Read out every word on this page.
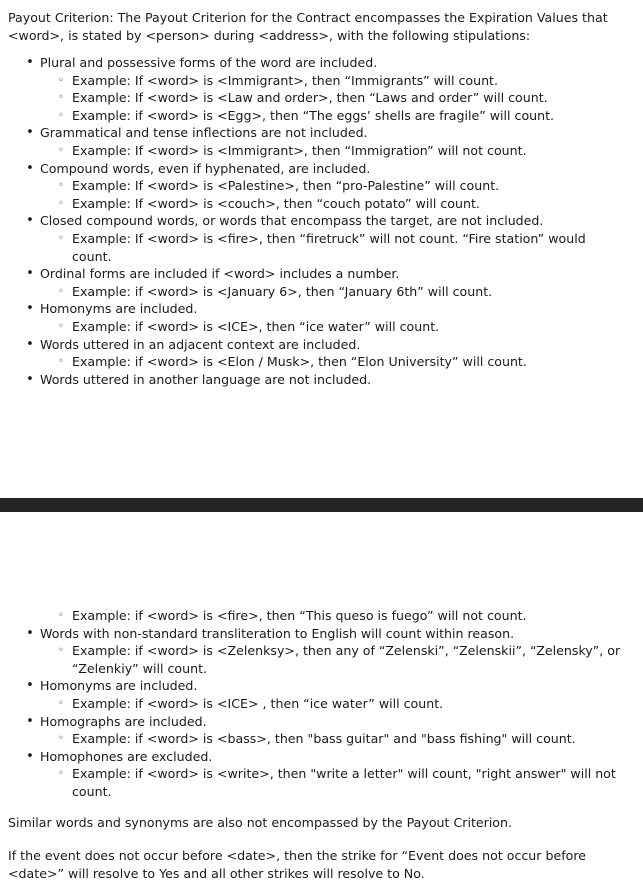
Payout Criterion: The Payout Criterion for the Contract encompasses the Expiration Values that <word>, is stated by <person> during <address>, with the following stipulations:

• Plural and possessive forms of the word are included.
◦ Example: If <word> is <Immigrant>, then “Immigrants” will count.
◦ Example: If <word> is <Law and order>, then “Laws and order” will count.
◦ Example: if <word> is <Egg>, then “The eggs’ shells are fragile” will count.
• Grammatical and tense inflections are not included.
◦ Example: If <word> is <Immigrant>, then “Immigration” will not count.
• Compound words, even if hyphenated, are included.
◦ Example: If <word> is <Palestine>, then “pro-Palestine” will count.
◦ Example: If <word> is <couch>, then “couch potato” will count.
• Closed compound words, or words that encompass the target, are not included.
◦ Example: If <word> is <fire>, then “firetruck” will not count. “Fire station” would count.
• Ordinal forms are included if <word> includes a number.
◦ Example: if <word> is <January 6>, then “January 6th” will count.
• Homonyms are included.
◦ Example: if <word> is <ICE>, then “ice water” will count.
• Words uttered in an adjacent context are included.
◦ Example: if <word> is <Elon / Musk>, then “Elon University” will count.
• Words uttered in another language are not included.
◦ Example: if <word> is <fire>, then “This queso is fuego” will not count.
• Words with non-standard transliteration to English will count within reason.
◦ Example: if <word> is <Zelenksy>, then any of “Zelenski”, “Zelenskii”, “Zelensky”, or “Zelenkiy” will count.
• Homonyms are included.
◦ Example: if <word> is <ICE> , then “ice water” will count.
• Homographs are included.
◦ Example: if <word> is <bass>, then "bass guitar" and "bass fishing" will count.
• Homophones are excluded.
◦ Example: if <word> is <write>, then "write a letter" will count, "right answer" will not count.

Similar words and synonyms are also not encompassed by the Payout Criterion.

If the event does not occur before <date>, then the strike for “Event does not occur before <date>” will resolve to Yes and all other strikes will resolve to No.
